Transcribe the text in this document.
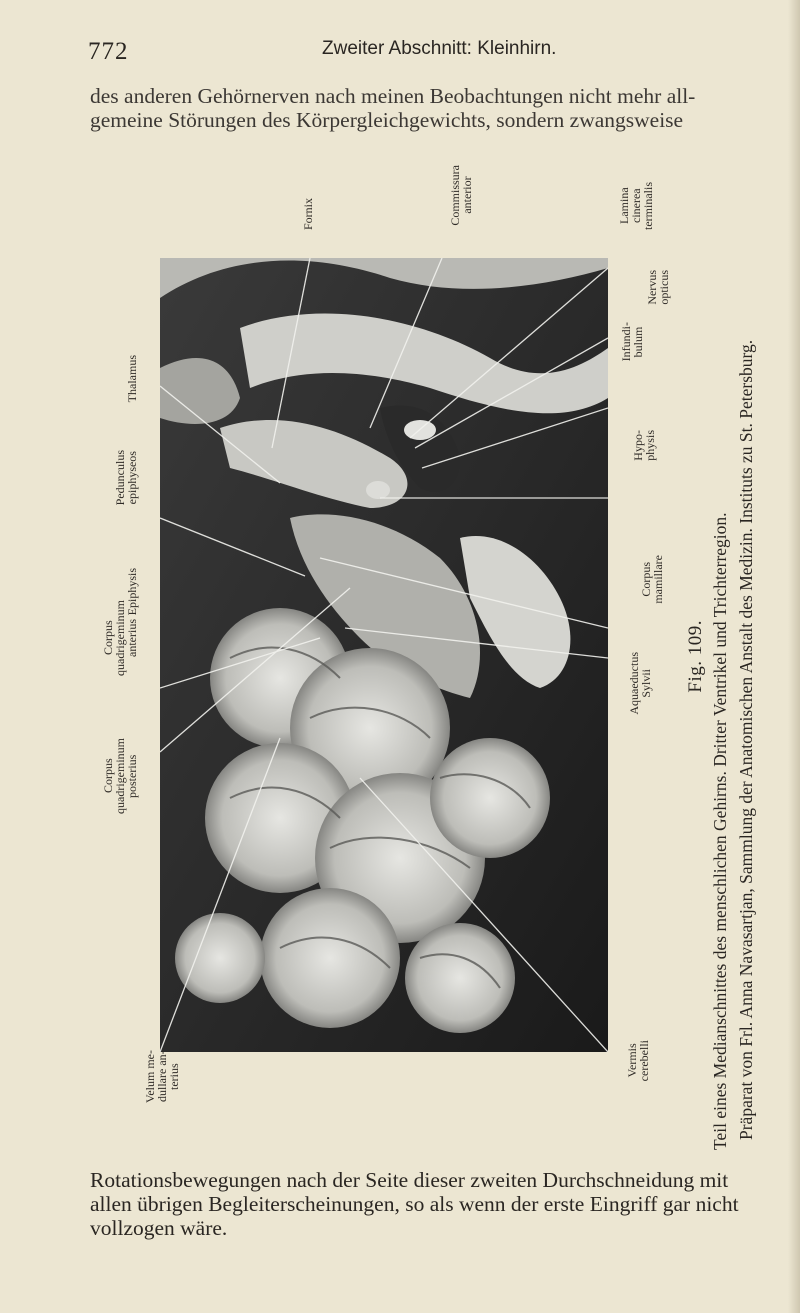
772	Zweiter Abschnitt: Kleinhirn.

des anderen Gehörnerven nach meinen Beobachtungen nicht mehr all-gemeine Störungen des Körpergleichgewichts, sondern zwangsweise

Corpus
quadrigeminum
posterius
Corpus
quadrigeminum
anterius
Epiphysis
Pedunculus
epiphyseos
Thalamus
Velum me-
dullare an-
terius
Fornix	Commissura
anterior	Lamina
cinerea
terminalis
Nervus
opticus
Infundi-
bulum
Hypo-
physis
Corpus
mamillare
Aquaeductus
Sylvii
Vermis
cerebelli
Fig. 109. Teil eines Medianschnittes des menschlichen Gehirns. Dritter Ventrikel und Trichterregion. Präparat von Frl. Anna Navasartjan, Sammlung der Anatomischen Anstalt des Medizin. Instituts zu St. Petersburg.

Rotationsbewegungen nach der Seite dieser zweiten Durchschneidung mit allen übrigen Begleiterscheinungen, so als wenn der erste Eingriff gar nicht vollzogen wäre.
